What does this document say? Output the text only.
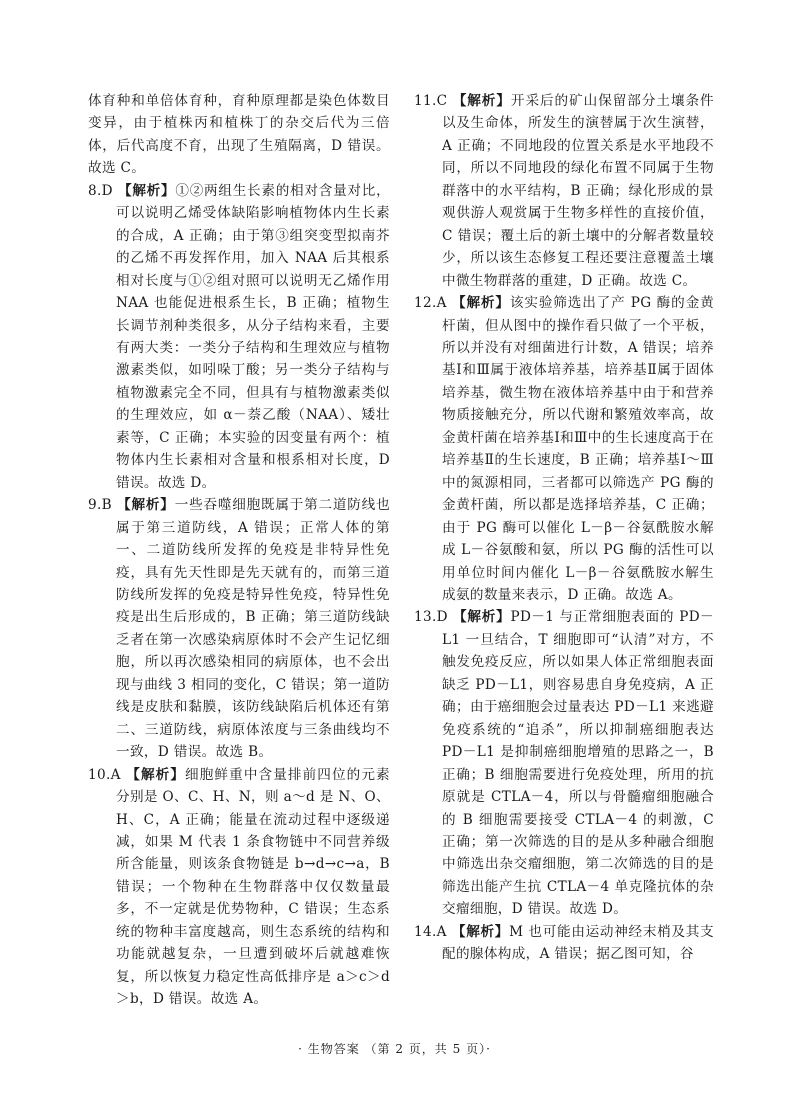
体育种和单倍体育种，育种原理都是染色体数目变异，由于植株丙和植株丁的杂交后代为三倍体，后代高度不育，出现了生殖隔离，D 错误。故选 C。

8.D 【解析】①②两组生长素的相对含量对比，可以说明乙烯受体缺陷影响植物体内生长素的合成，A 正确；由于第③组突变型拟南芥的乙烯不再发挥作用，加入 NAA 后其根系相对长度与①②组对照可以说明无乙烯作用 NAA 也能促进根系生长，B 正确；植物生长调节剂种类很多，从分子结构来看，主要有两大类：一类分子结构和生理效应与植物激素类似，如吲哚丁酸；另一类分子结构与植物激素完全不同，但具有与植物激素类似的生理效应，如 α－萘乙酸（NAA）、矮壮素等，C 正确；本实验的因变量有两个：植物体内生长素相对含量和根系相对长度，D 错误。故选 D。

9.B 【解析】一些吞噬细胞既属于第二道防线也属于第三道防线，A 错误；正常人体的第一、二道防线所发挥的免疫是非特异性免疫，具有先天性即是先天就有的，而第三道防线所发挥的免疫是特异性免疫，特异性免疫是出生后形成的，B 正确；第三道防线缺乏者在第一次感染病原体时不会产生记忆细胞，所以再次感染相同的病原体，也不会出现与曲线 3 相同的变化，C 错误；第一道防线是皮肤和黏膜，该防线缺陷后机体还有第二、三道防线，病原体浓度与三条曲线均不一致，D 错误。故选 B。

10.A 【解析】细胞鲜重中含量排前四位的元素分别是 O、C、H、N，则 a～d 是 N、O、H、C，A 正确；能量在流动过程中逐级递减，如果 M 代表 1 条食物链中不同营养级所含能量，则该条食物链是 b→d→c→a，B 错误；一个物种在生物群落中仅仅数量最多，不一定就是优势物种，C 错误；生态系统的物种丰富度越高，则生态系统的结构和功能就越复杂，一旦遭到破坏后就越难恢复，所以恢复力稳定性高低排序是 a＞c＞d＞b，D 错误。故选 A。

11.C 【解析】开采后的矿山保留部分土壤条件以及生命体，所发生的演替属于次生演替，A 正确；不同地段的位置关系是水平地段不同，所以不同地段的绿化布置不同属于生物群落中的水平结构，B 正确；绿化形成的景观供游人观赏属于生物多样性的直接价值，C 错误；覆土后的新土壤中的分解者数量较少，所以该生态修复工程还要注意覆盖土壤中微生物群落的重建，D 正确。故选 C。

12.A 【解析】该实验筛选出了产 PG 酶的金黄杆菌，但从图中的操作看只做了一个平板，所以并没有对细菌进行计数，A 错误；培养基Ⅰ和Ⅲ属于液体培养基，培养基Ⅱ属于固体培养基，微生物在液体培养基中由于和营养物质接触充分，所以代谢和繁殖效率高，故金黄杆菌在培养基Ⅰ和Ⅲ中的生长速度高于在培养基Ⅱ的生长速度，B 正确；培养基Ⅰ～Ⅲ中的氮源相同，三者都可以筛选产 PG 酶的金黄杆菌，所以都是选择培养基，C 正确；由于 PG 酶可以催化 L－β－谷氨酰胺水解成 L－谷氨酸和氨，所以 PG 酶的活性可以用单位时间内催化 L－β－谷氨酰胺水解生成氨的数量来表示，D 正确。故选 A。

13.D 【解析】PD－1 与正常细胞表面的 PD－L1 一旦结合，T 细胞即可“认清”对方，不触发免疫反应，所以如果人体正常细胞表面缺乏 PD－L1，则容易患自身免疫病，A 正确；由于癌细胞会过量表达 PD－L1 来逃避免疫系统的“追杀”，所以抑制癌细胞表达 PD－L1 是抑制癌细胞增殖的思路之一，B 正确；B 细胞需要进行免疫处理，所用的抗原就是 CTLA－4，所以与骨髓瘤细胞融合的 B 细胞需要接受 CTLA－4 的刺激，C 正确；第一次筛选的目的是从多种融合细胞中筛选出杂交瘤细胞，第二次筛选的目的是筛选出能产生抗 CTLA－4 单克隆抗体的杂交瘤细胞，D 错误。故选 D。

14.A 【解析】M 也可能由运动神经末梢及其支配的腺体构成，A 错误；据乙图可知，谷

· 生物答案 （第 2 页，共 5 页）·
